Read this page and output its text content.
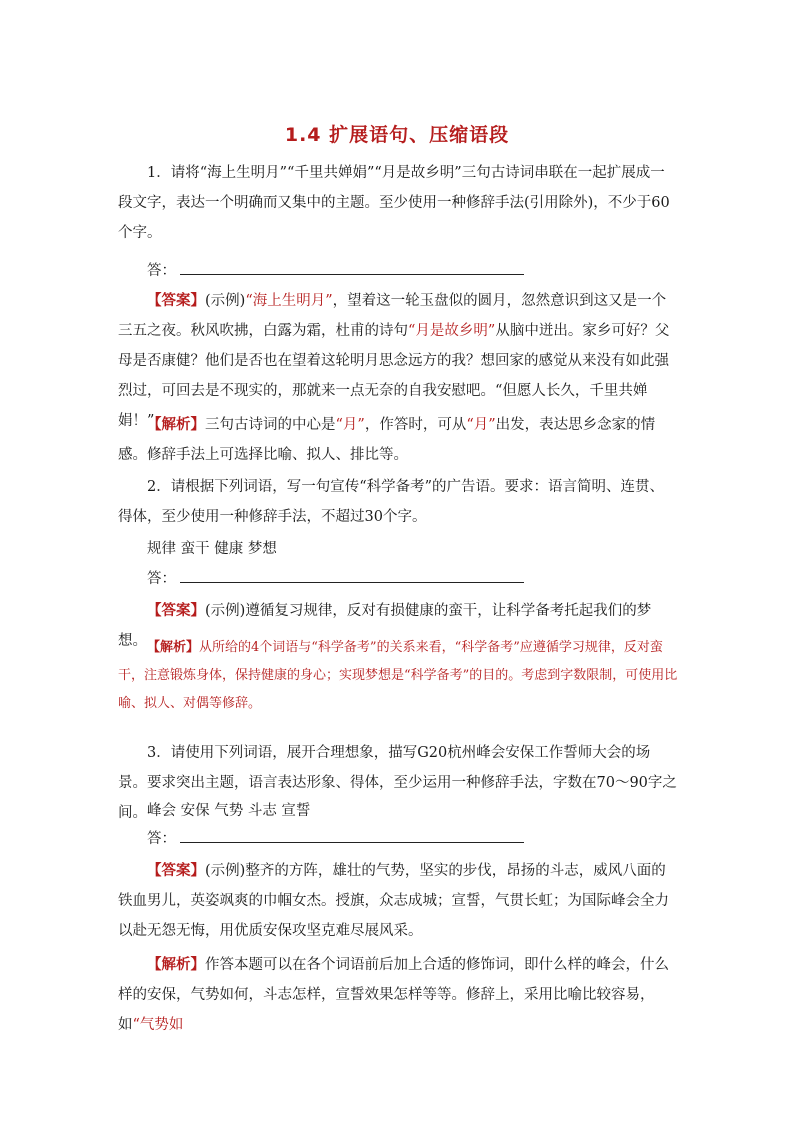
1.4 扩展语句、压缩语段
1．请将“海上生明月”“千里共婵娟”“月是故乡明”三句古诗词串联在一起扩展成一段文字，表达一个明确而又集中的主题。至少使用一种修辞手法(引用除外)，不少于60个字。
答：
【答案】(示例)“海上生明月”，望着这一轮玉盘似的圆月，忽然意识到这又是一个三五之夜。秋风吹拂，白露为霜，杜甫的诗句“月是故乡明”从脑中迸出。家乡可好？父母是否康健？他们是否也在望着这轮明月思念远方的我？想回家的感觉从来没有如此强烈过，可回去是不现实的，那就来一点无奈的自我安慰吧。“但愿人长久，千里共婵娟！”
【解析】三句古诗词的中心是“月”，作答时，可从“月”出发，表达思乡念家的情感。修辞手法上可选择比喻、拟人、排比等。
2．请根据下列词语，写一句宣传“科学备考”的广告语。要求：语言简明、连贯、得体，至少使用一种修辞手法，不超过30个字。
规律 蛮干 健康 梦想
答：
【答案】(示例)遵循复习规律，反对有损健康的蛮干，让科学备考托起我们的梦想。 【解析】从所给的4个词语与“科学备考”的关系来看，“科学备考”应遵循学习规律，反对蛮干，注意锻炼身体，保持健康的身心；实现梦想是“科学备考”的目的。考虑到字数限制，可使用比喻、拟人、对偶等修辞。
3．请使用下列词语，展开合理想象，描写G20杭州峰会安保工作誓师大会的场景。要求突出主题，语言表达形象、得体，至少运用一种修辞手法，字数在70～90字之间。 峰会 安保 气势 斗志 宣誓
答：
【答案】(示例)整齐的方阵，雄壮的气势，坚实的步伐，昂扬的斗志，威风八面的铁血男儿，英姿飒爽的巾帼女杰。授旗，众志成城；宣誓，气贯长虹；为国际峰会全力以赴无怨无悔，用优质安保攻坚克难尽展风采。
【解析】作答本题可以在各个词语前后加上合适的修饰词，即什么样的峰会，什么样的安保，气势如何，斗志怎样，宣誓效果怎样等等。修辞上，采用比喻比较容易，如“气势如
